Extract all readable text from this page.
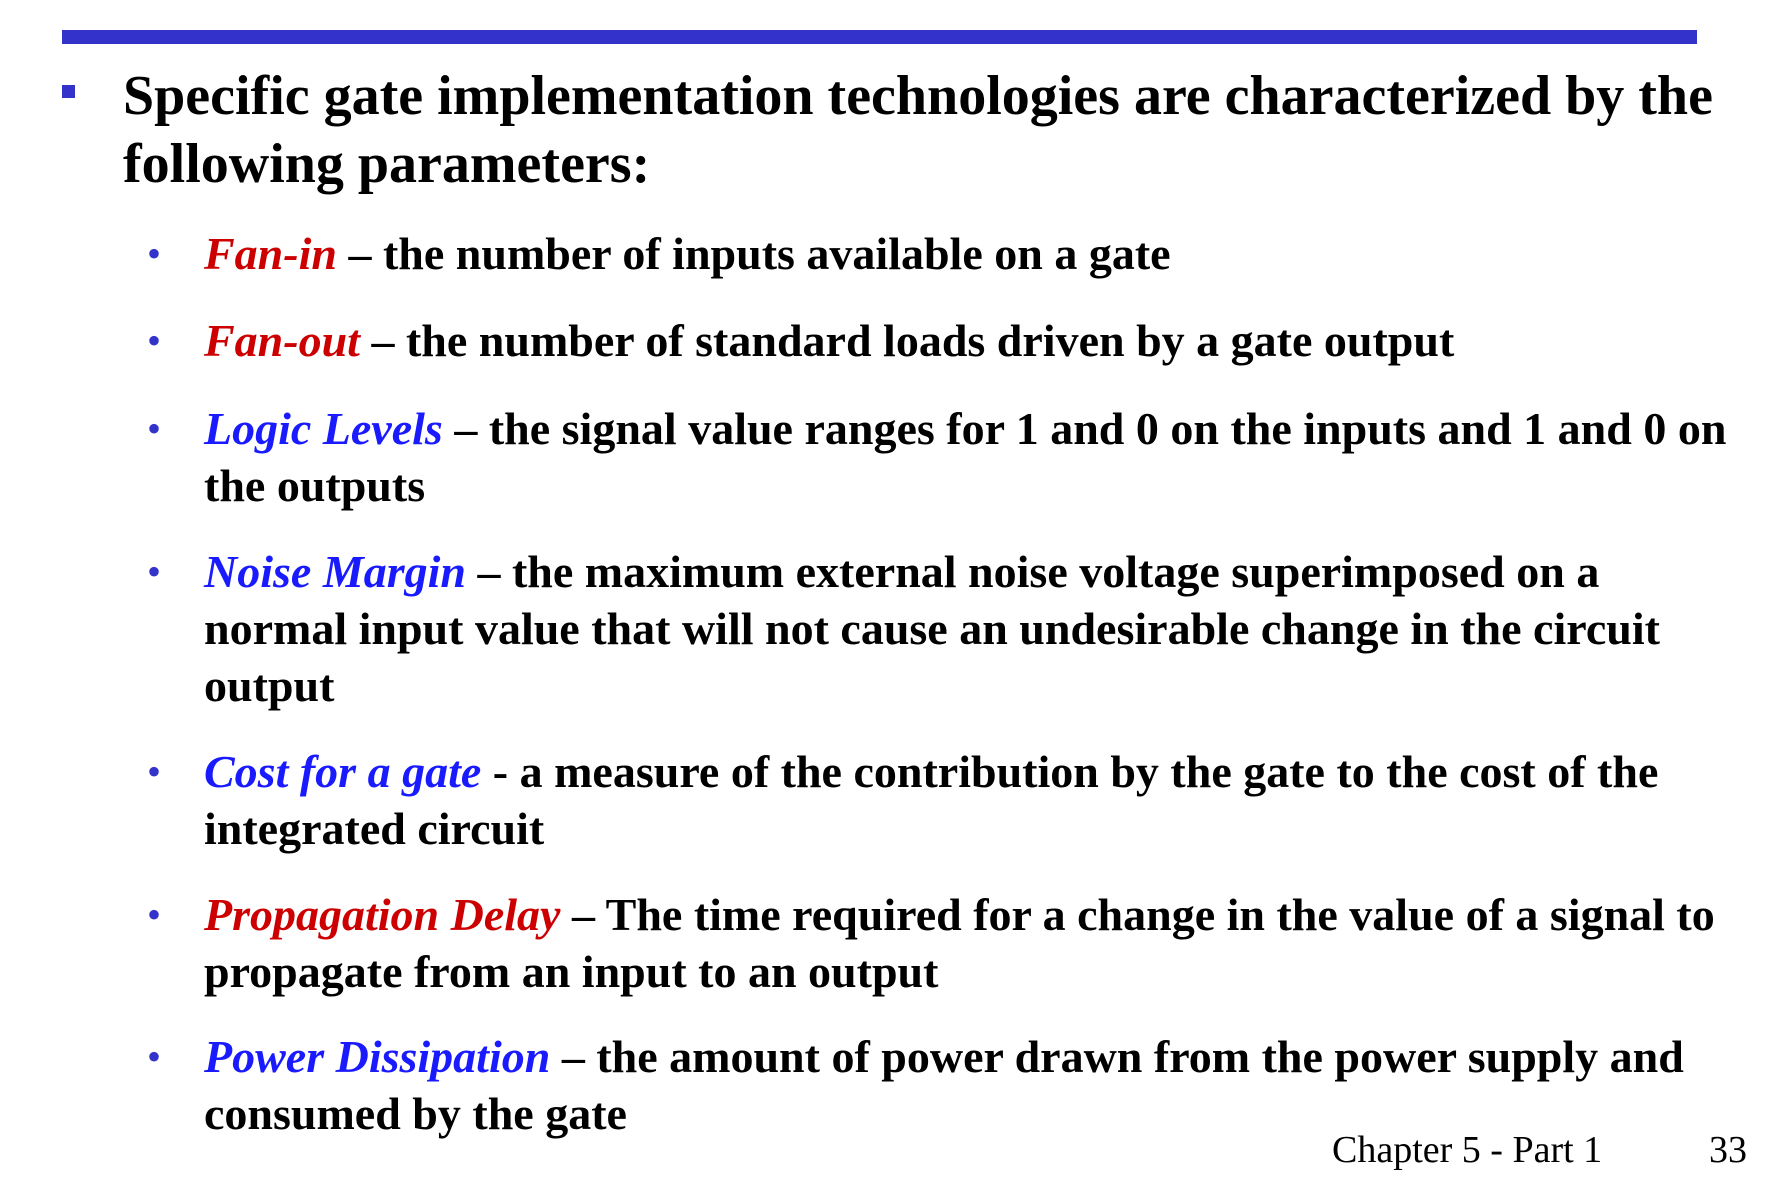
Specific gate implementation technologies are characterized by the following parameters:
• Fan-in – the number of inputs available on a gate
• Fan-out – the number of standard loads driven by a gate output
• Logic Levels – the signal value ranges for 1 and 0 on the inputs and 1 and 0 on the outputs
• Noise Margin – the maximum external noise voltage superimposed on a normal input value that will not cause an undesirable change in the circuit output
• Cost for a gate - a measure of the contribution by the gate to the cost of the integrated circuit
• Propagation Delay – The time required for a change in the value of a signal to propagate from an input to an output
• Power Dissipation – the amount of power drawn from the power supply and consumed by the gate
Chapter 5 - Part 1	33
